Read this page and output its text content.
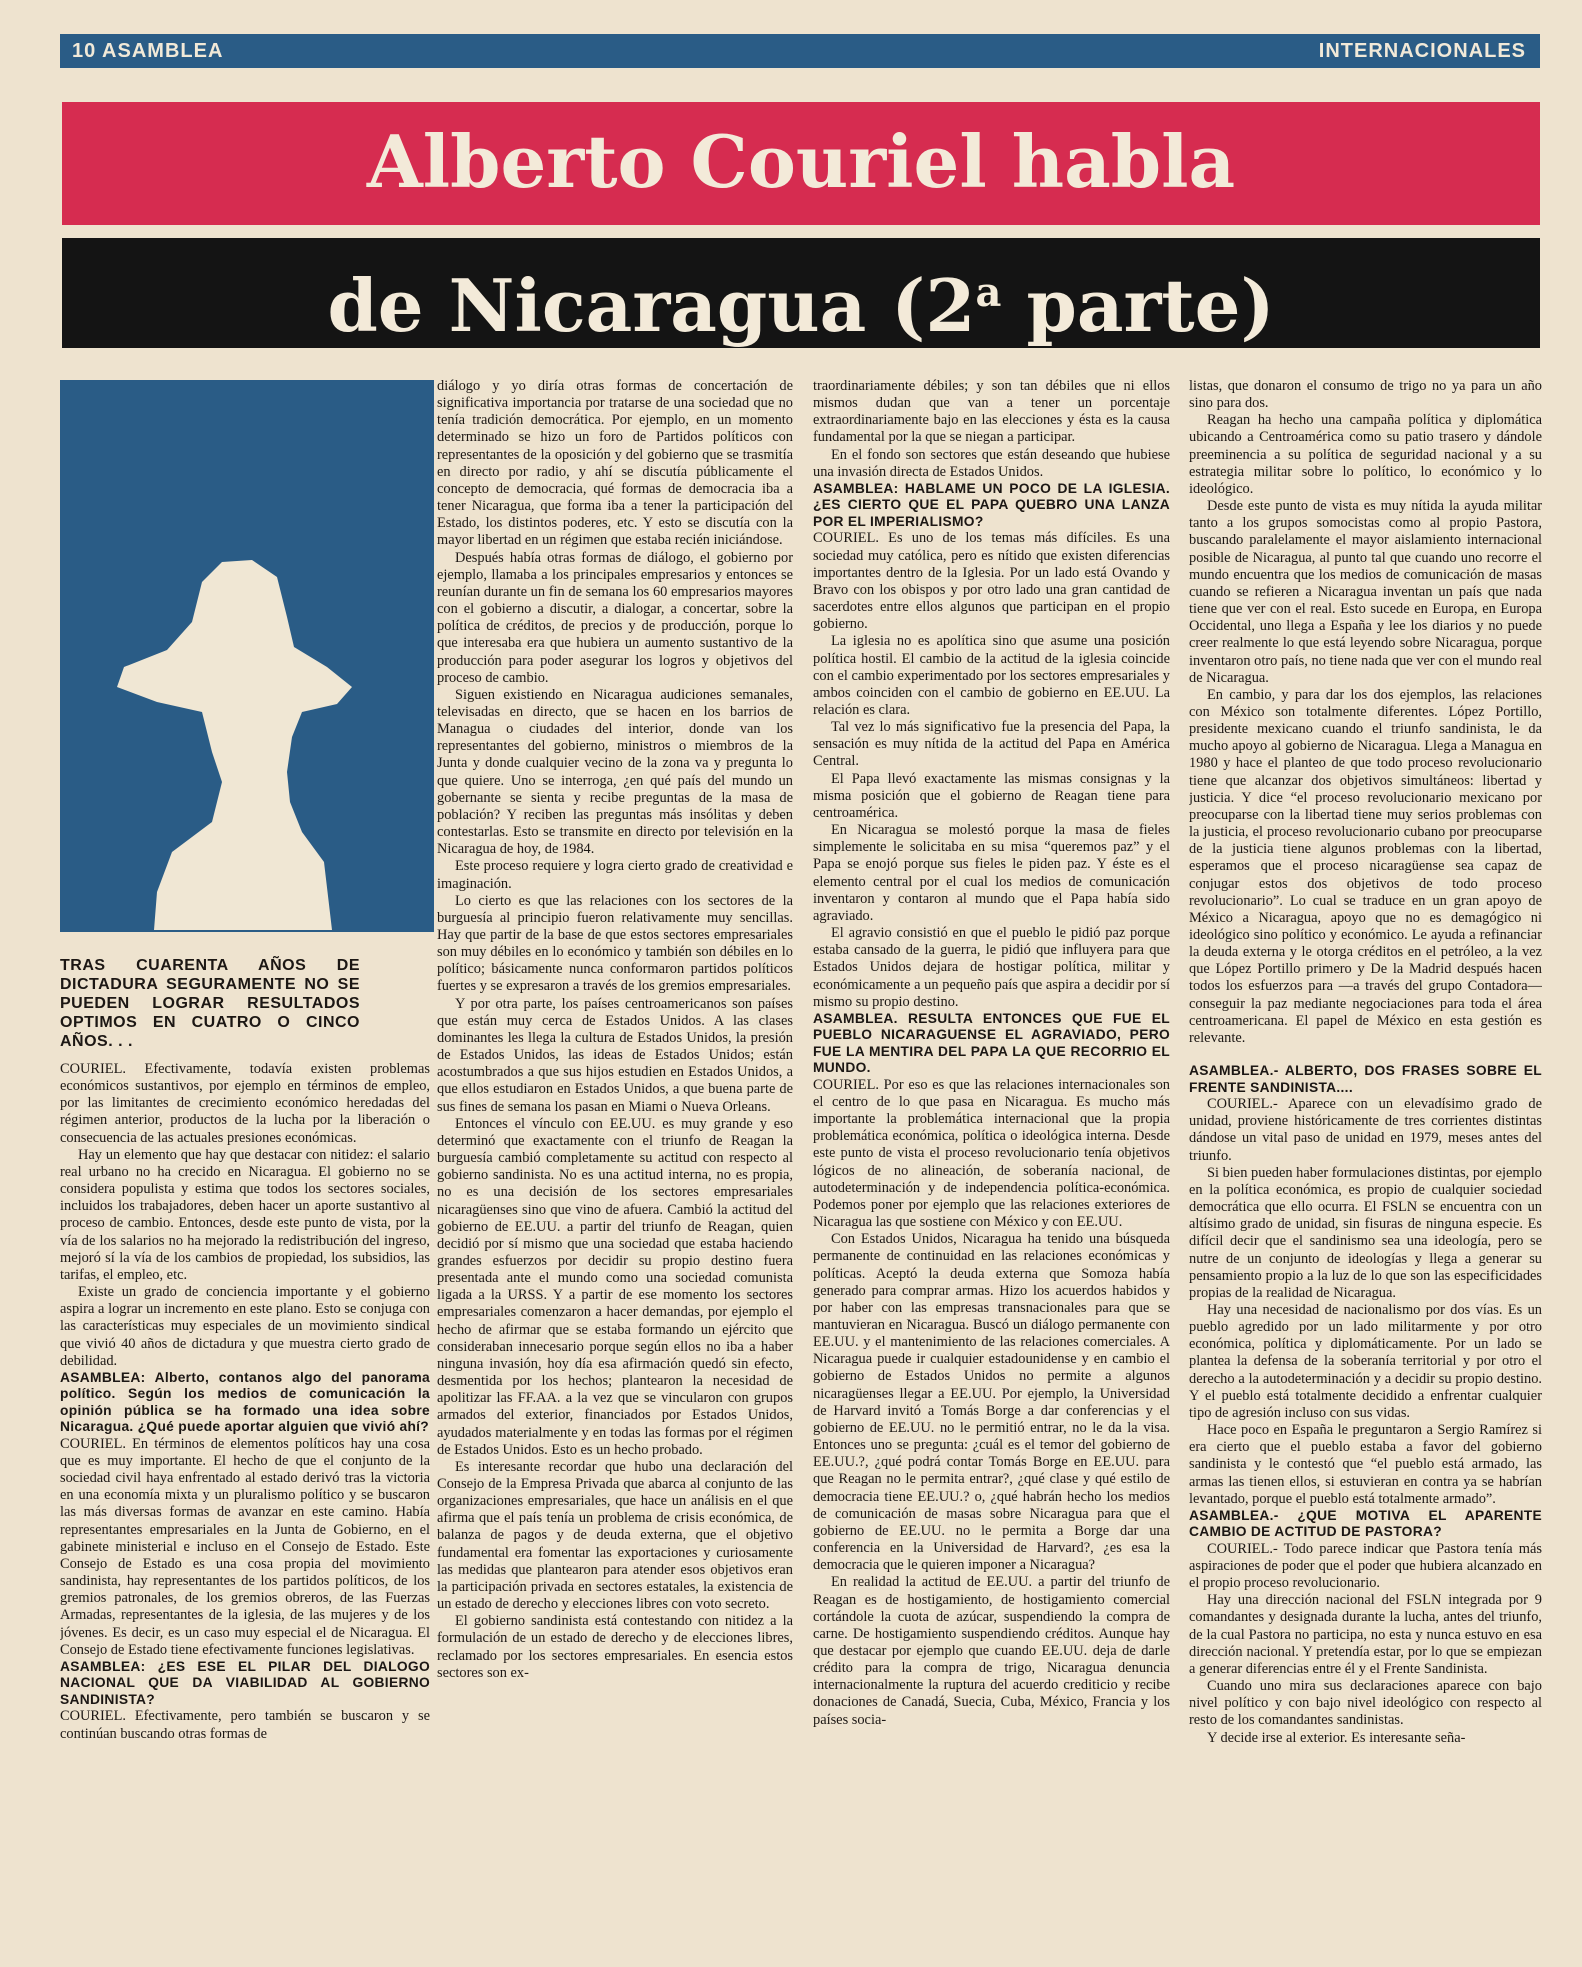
10 ASAMBLEA	INTERNACIONALES
Alberto Couriel habla
de Nicaragua (2$^a$ parte)

TRAS CUARENTA AÑOS DE DICTADURA SEGURAMENTE NO SE PUEDEN LOGRAR RESULTADOS OPTIMOS EN CUATRO O CINCO AÑOS. . .

COURIEL. Efectivamente, todavía existen problemas económicos sustantivos, por ejemplo en términos de empleo, por las limitantes de crecimiento económico heredadas del régimen anterior, productos de la lucha por la liberación o consecuencia de las actuales presiones económicas.

Hay un elemento que hay que destacar con nitidez: el salario real urbano no ha crecido en Nicaragua. El gobierno no se considera populista y estima que todos los sectores sociales, incluidos los trabajadores, deben hacer un aporte sustantivo al proceso de cambio. Entonces, desde este punto de vista, por la vía de los salarios no ha mejorado la redistribución del ingreso, mejoró sí la vía de los cambios de propiedad, los subsidios, las tarifas, el empleo, etc.

Existe un grado de conciencia importante y el gobierno aspira a lograr un incremento en este plano. Esto se conjuga con las características muy especiales de un movimiento sindical que vivió 40 años de dictadura y que muestra cierto grado de debilidad.

ASAMBLEA: Alberto, contanos algo del panorama político. Según los medios de comunicación la opinión pública se ha formado una idea sobre Nicaragua. ¿Qué puede aportar alguien que vivió ahí?

COURIEL. En términos de elementos políticos hay una cosa que es muy importante. El hecho de que el conjunto de la sociedad civil haya enfrentado al estado derivó tras la victoria en una economía mixta y un pluralismo político y se buscaron las más diversas formas de avanzar en este camino. Había representantes empresariales en la Junta de Gobierno, en el gabinete ministerial e incluso en el Consejo de Estado. Este Consejo de Estado es una cosa propia del movimiento sandinista, hay representantes de los partidos políticos, de los gremios patronales, de los gremios obreros, de las Fuerzas Armadas, representantes de la iglesia, de las mujeres y de los jóvenes. Es decir, es un caso muy especial el de Nicaragua. El Consejo de Estado tiene efectivamente funciones legislativas.

ASAMBLEA: ¿ES ESE EL PILAR DEL DIALOGO NACIONAL QUE DA VIABILIDAD AL GOBIERNO SANDINISTA?

COURIEL. Efectivamente, pero también se buscaron y se continúan buscando otras formas de

diálogo y yo diría otras formas de concertación de significativa importancia por tratarse de una sociedad que no tenía tradición democrática. Por ejemplo, en un momento determinado se hizo un foro de Partidos políticos con representantes de la oposición y del gobierno que se trasmitía en directo por radio, y ahí se discutía públicamente el concepto de democracia, qué formas de democracia iba a tener Nicaragua, que forma iba a tener la participación del Estado, los distintos poderes, etc. Y esto se discutía con la mayor libertad en un régimen que estaba recién iniciándose.

Después había otras formas de diálogo, el gobierno por ejemplo, llamaba a los principales empresarios y entonces se reunían durante un fin de semana los 60 empresarios mayores con el gobierno a discutir, a dialogar, a concertar, sobre la política de créditos, de precios y de producción, porque lo que interesaba era que hubiera un aumento sustantivo de la producción para poder asegurar los logros y objetivos del proceso de cambio.

Siguen existiendo en Nicaragua audiciones semanales, televisadas en directo, que se hacen en los barrios de Managua o ciudades del interior, donde van los representantes del gobierno, ministros o miembros de la Junta y donde cualquier vecino de la zona va y pregunta lo que quiere. Uno se interroga, ¿en qué país del mundo un gobernante se sienta y recibe preguntas de la masa de población? Y reciben las preguntas más insólitas y deben contestarlas. Esto se transmite en directo por televisión en la Nicaragua de hoy, de 1984.

Este proceso requiere y logra cierto grado de creatividad e imaginación.

Lo cierto es que las relaciones con los sectores de la burguesía al principio fueron relativamente muy sencillas. Hay que partir de la base de que estos sectores empresariales son muy débiles en lo económico y también son débiles en lo político; básicamente nunca conformaron partidos políticos fuertes y se expresaron a través de los gremios empresariales.

Y por otra parte, los países centroamericanos son países que están muy cerca de Estados Unidos. A las clases dominantes les llega la cultura de Estados Unidos, la presión de Estados Unidos, las ideas de Estados Unidos; están acostumbrados a que sus hijos estudien en Estados Unidos, a que ellos estudiaron en Estados Unidos, a que buena parte de sus fines de semana los pasan en Miami o Nueva Orleans.

Entonces el vínculo con EE.UU. es muy grande y eso determinó que exactamente con el triunfo de Reagan la burguesía cambió completamente su actitud con respecto al gobierno sandinista. No es una actitud interna, no es propia, no es una decisión de los sectores empresariales nicaragüenses sino que vino de afuera. Cambió la actitud del gobierno de EE.UU. a partir del triunfo de Reagan, quien decidió por sí mismo que una sociedad que estaba haciendo grandes esfuerzos por decidir su propio destino fuera presentada ante el mundo como una sociedad comunista ligada a la URSS. Y a partir de ese momento los sectores empresariales comenzaron a hacer demandas, por ejemplo el hecho de afirmar que se estaba formando un ejército que consideraban innecesario porque según ellos no iba a haber ninguna invasión, hoy día esa afirmación quedó sin efecto, desmentida por los hechos; plantearon la necesidad de apolitizar las FF.AA. a la vez que se vincularon con grupos armados del exterior, financiados por Estados Unidos, ayudados materialmente y en todas las formas por el régimen de Estados Unidos. Esto es un hecho probado.

Es interesante recordar que hubo una declaración del Consejo de la Empresa Privada que abarca al conjunto de las organizaciones empresariales, que hace un análisis en el que afirma que el país tenía un problema de crisis económica, de balanza de pagos y de deuda externa, que el objetivo fundamental era fomentar las exportaciones y curiosamente las medidas que plantearon para atender esos objetivos eran la participación privada en sectores estatales, la existencia de un estado de derecho y elecciones libres con voto secreto.

El gobierno sandinista está contestando con nitidez a la formulación de un estado de derecho y de elecciones libres, reclamado por los sectores empresariales. En esencia estos sectores son ex-

traordinariamente débiles; y son tan débiles que ni ellos mismos dudan que van a tener un porcentaje extraordinariamente bajo en las elecciones y ésta es la causa fundamental por la que se niegan a participar.

En el fondo son sectores que están deseando que hubiese una invasión directa de Estados Unidos.

ASAMBLEA: HABLAME UN POCO DE LA IGLESIA. ¿ES CIERTO QUE EL PAPA QUEBRO UNA LANZA POR EL IMPERIALISMO?

COURIEL. Es uno de los temas más difíciles. Es una sociedad muy católica, pero es nítido que existen diferencias importantes dentro de la Iglesia. Por un lado está Ovando y Bravo con los obispos y por otro lado una gran cantidad de sacerdotes entre ellos algunos que participan en el propio gobierno.

La iglesia no es apolítica sino que asume una posición política hostil. El cambio de la actitud de la iglesia coincide con el cambio experimentado por los sectores empresariales y ambos coinciden con el cambio de gobierno en EE.UU. La relación es clara.

Tal vez lo más significativo fue la presencia del Papa, la sensación es muy nítida de la actitud del Papa en América Central.

El Papa llevó exactamente las mismas consignas y la misma posición que el gobierno de Reagan tiene para centroamérica.

En Nicaragua se molestó porque la masa de fieles simplemente le solicitaba en su misa “queremos paz” y el Papa se enojó porque sus fieles le piden paz. Y éste es el elemento central por el cual los medios de comunicación inventaron y contaron al mundo que el Papa había sido agraviado.

El agravio consistió en que el pueblo le pidió paz porque estaba cansado de la guerra, le pidió que influyera para que Estados Unidos dejara de hostigar política, militar y económicamente a un pequeño país que aspira a decidir por sí mismo su propio destino.

ASAMBLEA. RESULTA ENTONCES QUE FUE EL PUEBLO NICARAGUENSE EL AGRAVIADO, PERO FUE LA MENTIRA DEL PAPA LA QUE RECORRIO EL MUNDO.

COURIEL. Por eso es que las relaciones internacionales son el centro de lo que pasa en Nicaragua. Es mucho más importante la problemática internacional que la propia problemática económica, política o ideológica interna. Desde este punto de vista el proceso revolucionario tenía objetivos lógicos de no alineación, de soberanía nacional, de autodeterminación y de independencia política-económica. Podemos poner por ejemplo que las relaciones exteriores de Nicaragua las que sostiene con México y con EE.UU.

Con Estados Unidos, Nicaragua ha tenido una búsqueda permanente de continuidad en las relaciones económicas y políticas. Aceptó la deuda externa que Somoza había generado para comprar armas. Hizo los acuerdos habidos y por haber con las empresas transnacionales para que se mantuvieran en Nicaragua. Buscó un diálogo permanente con EE.UU. y el mantenimiento de las relaciones comerciales. A Nicaragua puede ir cualquier estadounidense y en cambio el gobierno de Estados Unidos no permite a algunos nicaragüenses llegar a EE.UU. Por ejemplo, la Universidad de Harvard invitó a Tomás Borge a dar conferencias y el gobierno de EE.UU. no le permitió entrar, no le da la visa. Entonces uno se pregunta: ¿cuál es el temor del gobierno de EE.UU.?, ¿qué podrá contar Tomás Borge en EE.UU. para que Reagan no le permita entrar?, ¿qué clase y qué estilo de democracia tiene EE.UU.? o, ¿qué habrán hecho los medios de comunicación de masas sobre Nicaragua para que el gobierno de EE.UU. no le permita a Borge dar una conferencia en la Universidad de Harvard?, ¿es esa la democracia que le quieren imponer a Nicaragua?

En realidad la actitud de EE.UU. a partir del triunfo de Reagan es de hostigamiento, de hostigamiento comercial cortándole la cuota de azúcar, suspendiendo la compra de carne. De hostigamiento suspendiendo créditos. Aunque hay que destacar por ejemplo que cuando EE.UU. deja de darle crédito para la compra de trigo, Nicaragua denuncia internacionalmente la ruptura del acuerdo crediticio y recibe donaciones de Canadá, Suecia, Cuba, México, Francia y los países socia-

listas, que donaron el consumo de trigo no ya para un año sino para dos.

Reagan ha hecho una campaña política y diplomática ubicando a Centroamérica como su patio trasero y dándole preeminencia a su política de seguridad nacional y a su estrategia militar sobre lo político, lo económico y lo ideológico.

Desde este punto de vista es muy nítida la ayuda militar tanto a los grupos somocistas como al propio Pastora, buscando paralelamente el mayor aislamiento internacional posible de Nicaragua, al punto tal que cuando uno recorre el mundo encuentra que los medios de comunicación de masas cuando se refieren a Nicaragua inventan un país que nada tiene que ver con el real. Esto sucede en Europa, en Europa Occidental, uno llega a España y lee los diarios y no puede creer realmente lo que está leyendo sobre Nicaragua, porque inventaron otro país, no tiene nada que ver con el mundo real de Nicaragua.

En cambio, y para dar los dos ejemplos, las relaciones con México son totalmente diferentes. López Portillo, presidente mexicano cuando el triunfo sandinista, le da mucho apoyo al gobierno de Nicaragua. Llega a Managua en 1980 y hace el planteo de que todo proceso revolucionario tiene que alcanzar dos objetivos simultáneos: libertad y justicia. Y dice “el proceso revolucionario mexicano por preocuparse con la libertad tiene muy serios problemas con la justicia, el proceso revolucionario cubano por preocuparse de la justicia tiene algunos problemas con la libertad, esperamos que el proceso nicaragüense sea capaz de conjugar estos dos objetivos de todo proceso revolucionario”. Lo cual se traduce en un gran apoyo de México a Nicaragua, apoyo que no es demagógico ni ideológico sino político y económico. Le ayuda a refinanciar la deuda externa y le otorga créditos en el petróleo, a la vez que López Portillo primero y De la Madrid después hacen todos los esfuerzos para —a través del grupo Contadora— conseguir la paz mediante negociaciones para toda el área centroamericana. El papel de México en esta gestión es relevante.

ASAMBLEA.- ALBERTO, DOS FRASES SOBRE EL FRENTE SANDINISTA....

COURIEL.- Aparece con un elevadísimo grado de unidad, proviene históricamente de tres corrientes distintas dándose un vital paso de unidad en 1979, meses antes del triunfo.

Si bien pueden haber formulaciones distintas, por ejemplo en la política económica, es propio de cualquier sociedad democrática que ello ocurra. El FSLN se encuentra con un altísimo grado de unidad, sin fisuras de ninguna especie. Es difícil decir que el sandinismo sea una ideología, pero se nutre de un conjunto de ideologías y llega a generar su pensamiento propio a la luz de lo que son las especificidades propias de la realidad de Nicaragua.

Hay una necesidad de nacionalismo por dos vías. Es un pueblo agredido por un lado militarmente y por otro económica, política y diplomáticamente. Por un lado se plantea la defensa de la soberanía territorial y por otro el derecho a la autodeterminación y a decidir su propio destino. Y el pueblo está totalmente decidido a enfrentar cualquier tipo de agresión incluso con sus vidas.

Hace poco en España le preguntaron a Sergio Ramírez si era cierto que el pueblo estaba a favor del gobierno sandinista y le contestó que “el pueblo está armado, las armas las tienen ellos, si estuvieran en contra ya se habrían levantado, porque el pueblo está totalmente armado”.

ASAMBLEA.- ¿QUE MOTIVA EL APARENTE CAMBIO DE ACTITUD DE PASTORA?

COURIEL.- Todo parece indicar que Pastora tenía más aspiraciones de poder que el poder que hubiera alcanzado en el propio proceso revolucionario.

Hay una dirección nacional del FSLN integrada por 9 comandantes y designada durante la lucha, antes del triunfo, de la cual Pastora no participa, no esta y nunca estuvo en esa dirección nacional. Y pretendía estar, por lo que se empiezan a generar diferencias entre él y el Frente Sandinista.

Cuando uno mira sus declaraciones aparece con bajo nivel político y con bajo nivel ideológico con respecto al resto de los comandantes sandinistas.

Y decide irse al exterior. Es interesante seña-
